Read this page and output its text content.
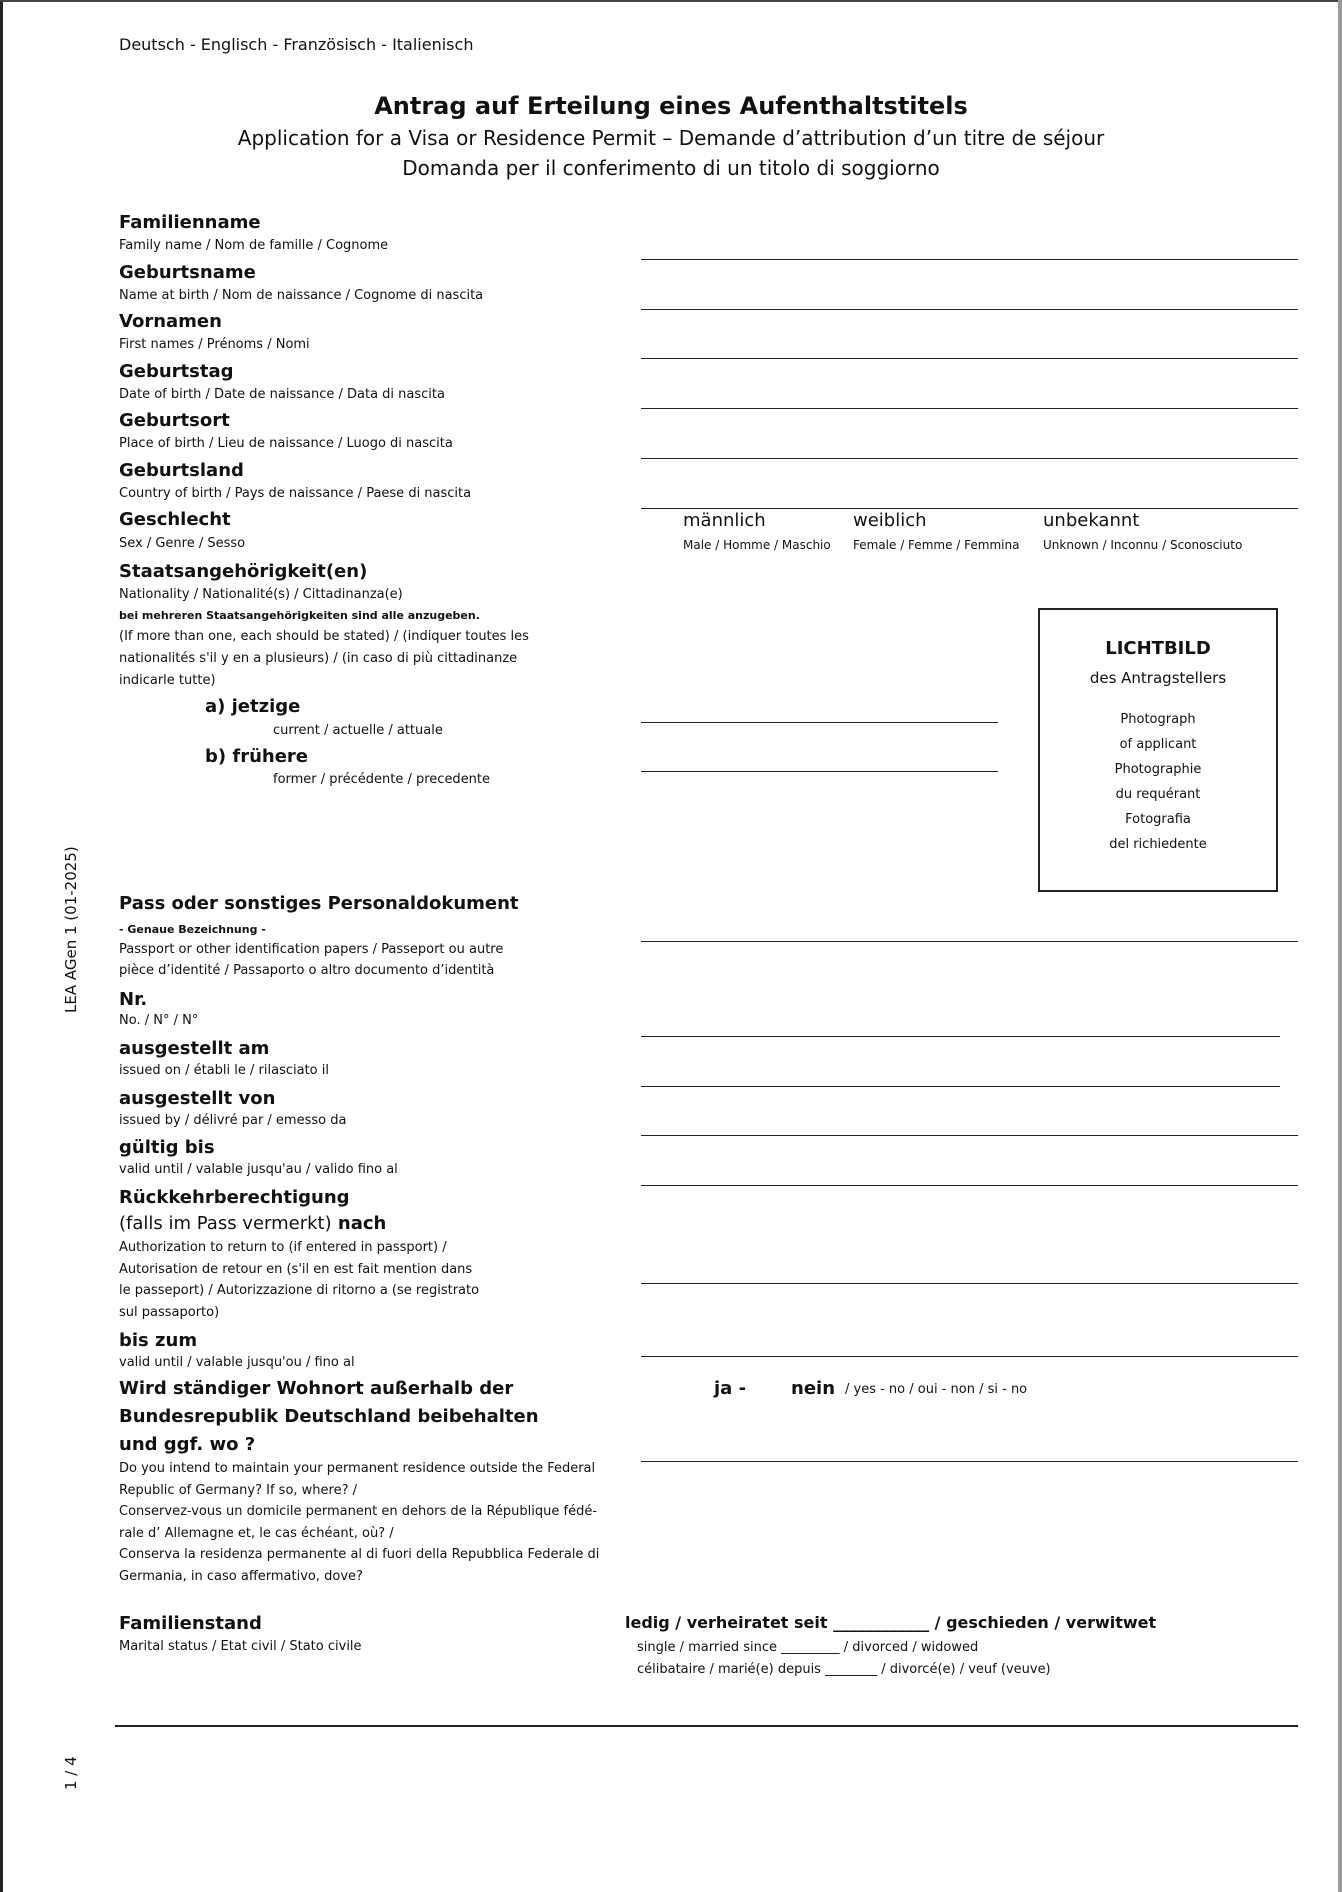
Deutsch - Englisch - Französisch - Italienisch
Antrag auf Erteilung eines Aufenthaltstitels
Application for a Visa or Residence Permit – Demande d’attribution d’un titre de séjour
Domanda per il conferimento di un titolo di soggiorno
LEA AGen 1 (01-2025)
1 / 4
Familienname
Family name / Nom de famille / Cognome
Geburtsname
Name at birth / Nom de naissance / Cognome di nascita
Vornamen
First names / Prénoms / Nomi
Geburtstag
Date of birth / Date de naissance / Data di nascita
Geburtsort
Place of birth / Lieu de naissance / Luogo di nascita
Geburtsland
Country of birth / Pays de naissance / Paese di nascita
Geschlecht
Sex / Genre / Sesso
männlich
Male / Homme / Maschio
weiblich
Female / Femme / Femmina
unbekannt
Unknown / Inconnu / Sconosciuto
Staatsangehörigkeit(en)
Nationality / Nationalité(s) / Cittadinanza(e)
bei mehreren Staatsangehörigkeiten sind alle anzugeben.
(If more than one, each should be stated) / (indiquer toutes les
nationalités s'il y en a plusieurs) / (in caso di più cittadinanze
indicarle tutte)
a) jetzige
current / actuelle / attuale
b) frühere
former / précédente / precedente
LICHTBILD
des Antragstellers
Photograph
of applicant
Photographie
du requérant
Fotografia
del richiedente
Pass oder sonstiges Personaldokument
- Genaue Bezeichnung -
Passport or other identification papers / Passeport ou autre
pièce d’identité / Passaporto o altro documento d’identità
Nr.
No. / N° / N°
ausgestellt am
issued on / établi le / rilasciato il
ausgestellt von
issued by / délivré par / emesso da
gültig bis
valid until / valable jusqu'au / valido fino al
Rückkehrberechtigung
(falls im Pass vermerkt) nach
Authorization to return to (if entered in passport) /
Autorisation de retour en (s'il en est fait mention dans
le passeport) / Autorizzazione di ritorno a (se registrato
sul passaporto)
bis zum
valid until / valable jusqu'ou / fino al
Wird ständiger Wohnort außerhalb der
Bundesrepublik Deutschland beibehalten
und ggf. wo ?
ja - nein / yes - no / oui - non / si - no
Do you intend to maintain your permanent residence outside the Federal
Republic of Germany? If so, where? /
Conservez-vous un domicile permanent en dehors de la République fédé-
rale d’ Allemagne et, le cas échéant, où? /
Conserva la residenza permanente al di fuori della Repubblica Federale di
Germania, in caso affermativo, dove?
Familienstand
Marital status / Etat civil / Stato civile
ledig / verheiratet seit ____________ / geschieden / verwitwet
single / married since _________ / divorced / widowed
célibataire / marié(e) depuis ________ / divorcé(e) / veuf (veuve)
